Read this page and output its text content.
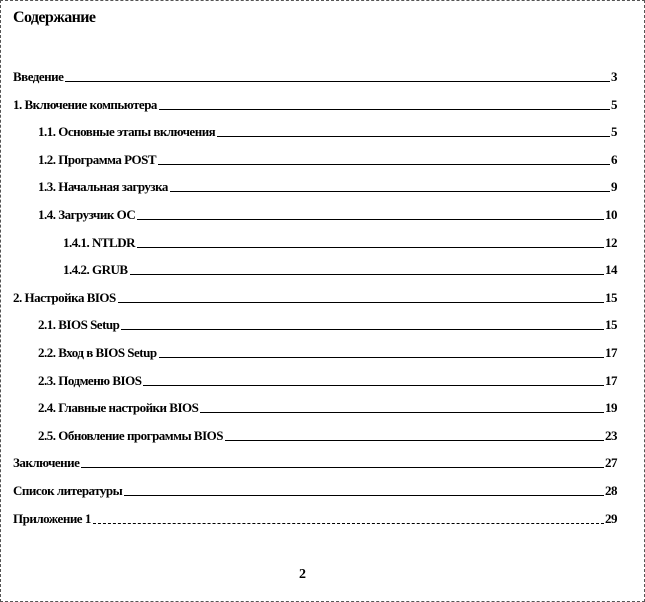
Содержание
Введение	3
1. Включение компьютера	5
1.1. Основные этапы включения	5
1.2. Программа POST	6
1.3. Начальная загрузка	9
1.4. Загрузчик ОС	10
1.4.1. NTLDR	12
1.4.2. GRUB	14
2. Настройка BIOS	15
2.1. BIOS Setup	15
2.2. Вход в BIOS Setup	17
2.3. Подменю BIOS	17
2.4. Главные настройки BIOS	19
2.5. Обновление программы BIOS	23
Заключение	27
Список литературы	28
Приложение 1	29
2
